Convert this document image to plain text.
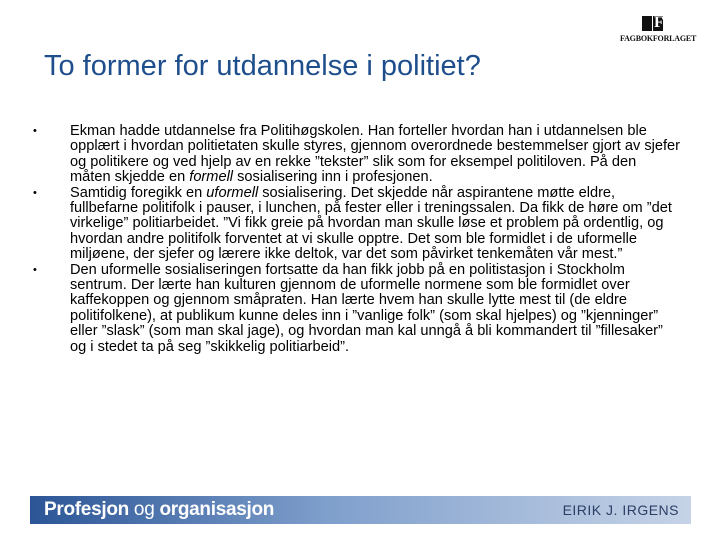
F
FAGBOKFORLAGET
To former for utdannelse i politiet?
• Ekman hadde utdannelse fra Politihøgskolen. Han forteller hvordan han i utdannelsen ble opplært i hvordan politietaten skulle styres, gjennom overordnede bestemmelser gjort av sjefer og politikere og ved hjelp av en rekke ”tekster” slik som for eksempel politiloven. På den måten skjedde en formell sosialisering inn i profesjonen.
• Samtidig foregikk en uformell sosialisering. Det skjedde når aspirantene møtte eldre, fullbefarne politifolk i pauser, i lunchen, på fester eller i treningssalen. Da fikk de høre om ”det virkelige” politiarbeidet. ”Vi fikk greie på hvordan man skulle løse et problem på ordentlig, og hvordan andre politifolk forventet at vi skulle opptre. Det som ble formidlet i de uformelle miljøene, der sjefer og lærere ikke deltok, var det som påvirket tenkemåten vår mest.”
• Den uformelle sosialiseringen fortsatte da han fikk jobb på en politistasjon i Stockholm sentrum. Der lærte han kulturen gjennom de uformelle normene som ble formidlet over kaffekoppen og gjennom småpraten. Han lærte hvem han skulle lytte mest til (de eldre politifolkene), at publikum kunne deles inn i ”vanlige folk” (som skal hjelpes) og ”kjenninger” eller ”slask” (som man skal jage), og hvordan man kal unngå å bli kommandert til ”fillesaker” og i stedet ta på seg ”skikkelig politiarbeid”.
Profesjon og organisasjon	EIRIK J. IRGENS
